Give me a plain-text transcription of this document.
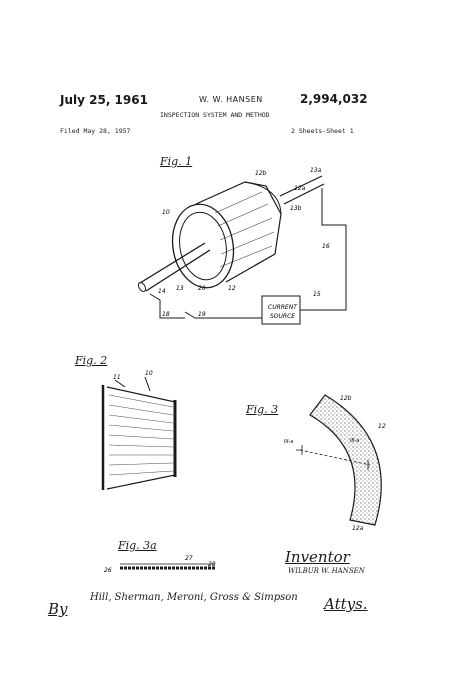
July 25, 1961	W. W. HANSEN	2,994,032
INSPECTION SYSTEM AND METHOD
Filed May 28, 1957	2 Sheets-Sheet 1
Fig. 1
Fig. 2
Fig. 3
Fig. 3a
CURRENT
SOURCE
13a
12b
12a
13b
10
16
14	12
15
18	19
20
13
11
10
12b
12
12a
III-a	III-a
26
27
28	Inventor
WILBUR W. HANSEN
By
Hill, Sherman, Meroni, Gross & Simpson Attys.
